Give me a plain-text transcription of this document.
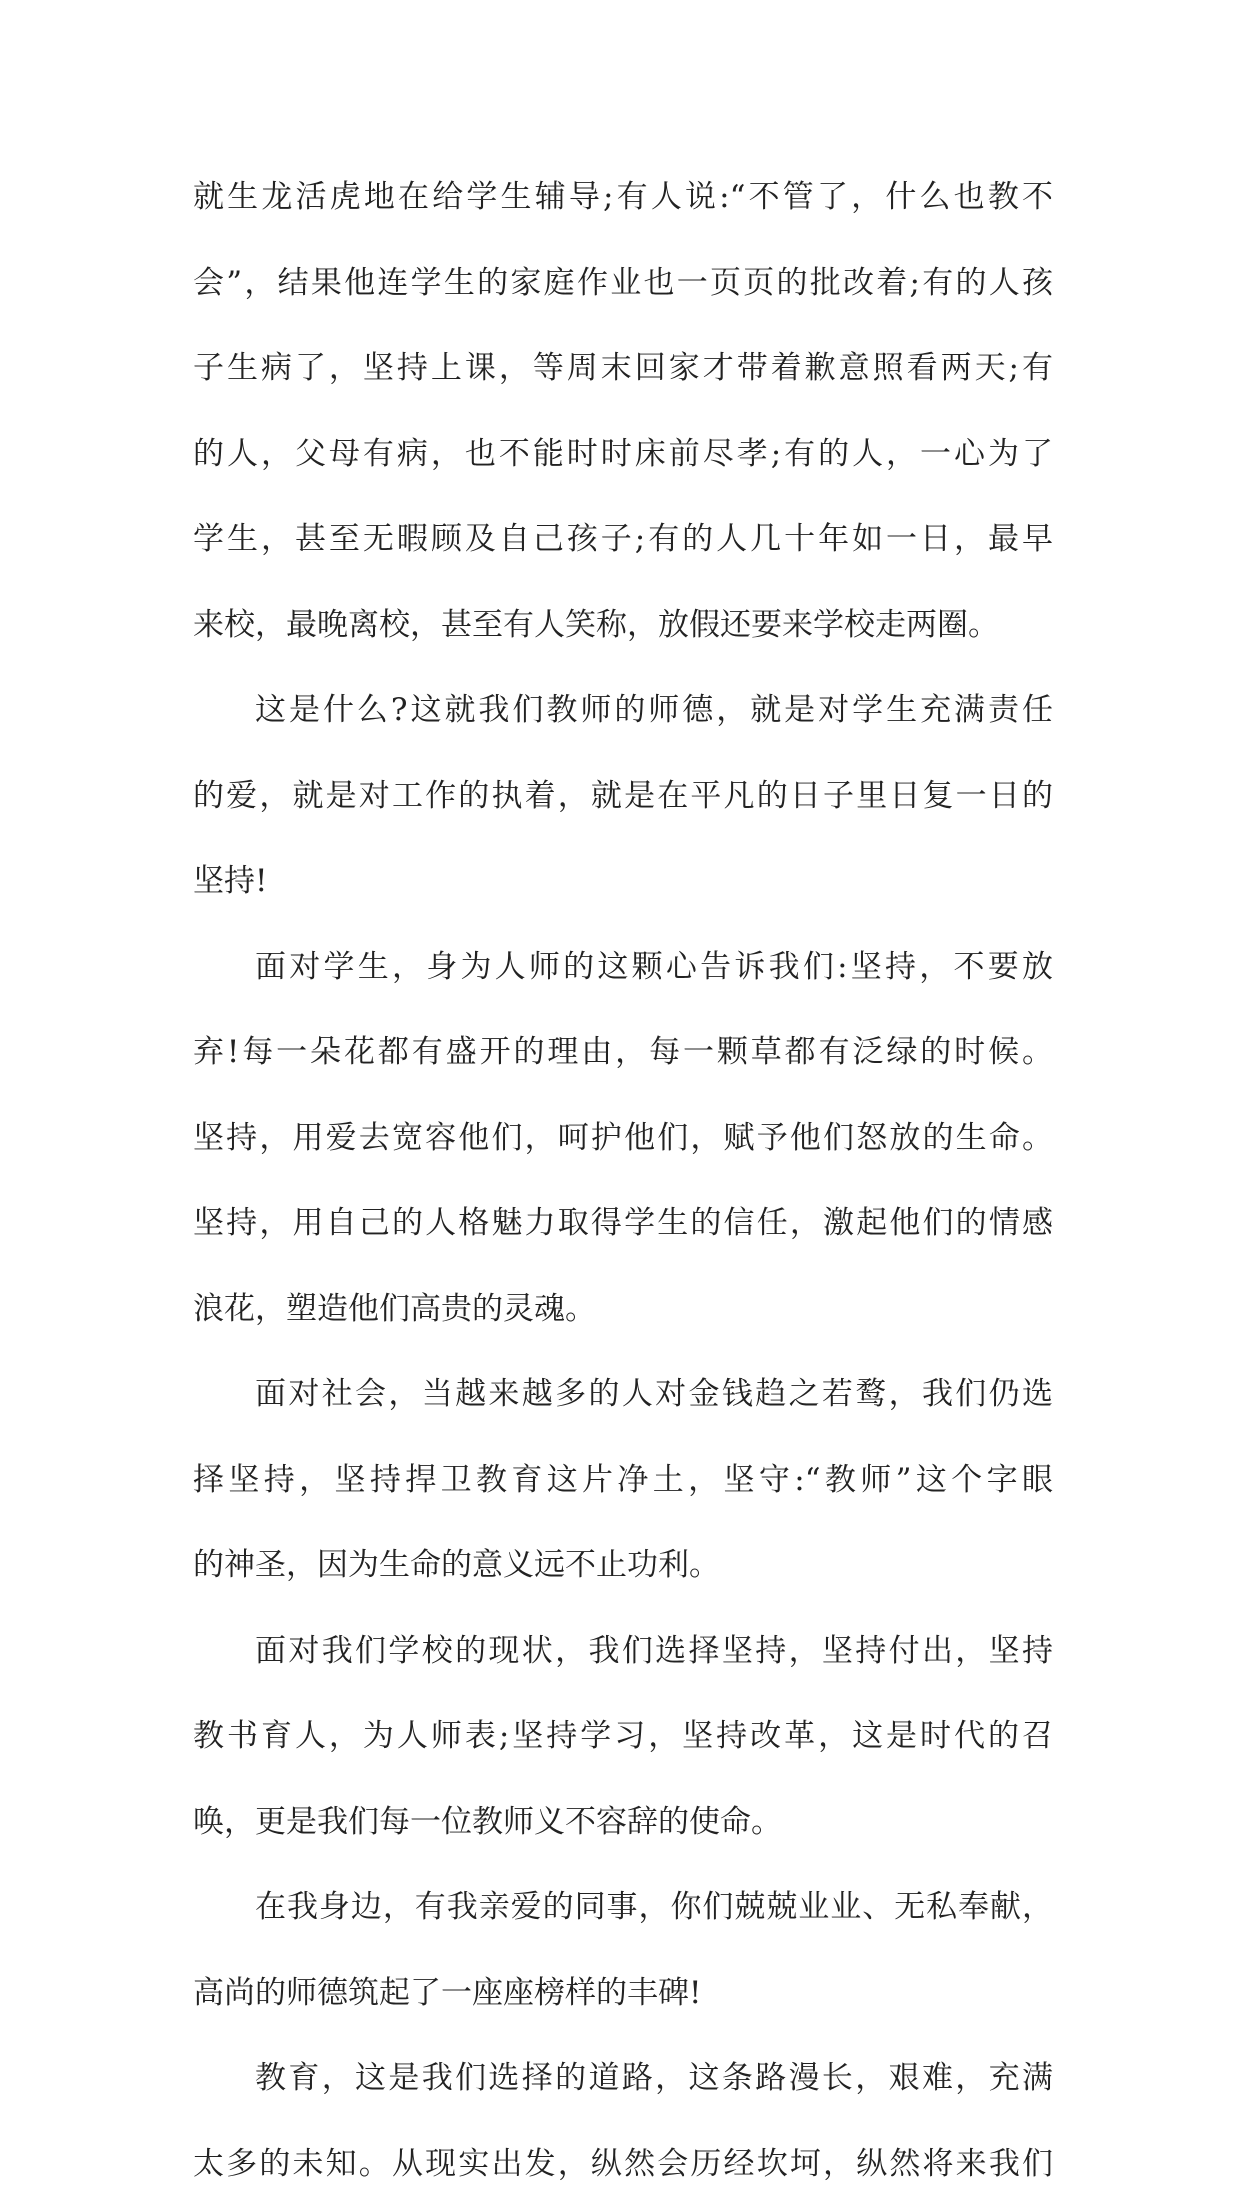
就生龙活虎地在给学生辅导;有人说:“不管了，什么也教不
会”，结果他连学生的家庭作业也一页页的批改着;有的人孩
子生病了，坚持上课，等周末回家才带着歉意照看两天;有
的人，父母有病，也不能时时床前尽孝;有的人，一心为了
学生，甚至无暇顾及自己孩子;有的人几十年如一日，最早
来校，最晚离校，甚至有人笑称，放假还要来学校走两圈。
这是什么?这就我们教师的师德，就是对学生充满责任
的爱，就是对工作的执着，就是在平凡的日子里日复一日的
坚持!
面对学生，身为人师的这颗心告诉我们:坚持，不要放
弃!每一朵花都有盛开的理由，每一颗草都有泛绿的时候。
坚持，用爱去宽容他们，呵护他们，赋予他们怒放的生命。
坚持，用自己的人格魅力取得学生的信任，激起他们的情感
浪花，塑造他们高贵的灵魂。
面对社会，当越来越多的人对金钱趋之若鹜，我们仍选
择坚持，坚持捍卫教育这片净土，坚守:“教师”这个字眼
的神圣，因为生命的意义远不止功利。
面对我们学校的现状，我们选择坚持，坚持付出，坚持
教书育人，为人师表;坚持学习，坚持改革，这是时代的召
唤，更是我们每一位教师义不容辞的使命。
在我身边，有我亲爱的同事，你们兢兢业业、无私奉献，
高尚的师德筑起了一座座榜样的丰碑!
教育，这是我们选择的道路，这条路漫长，艰难，充满
太多的未知。从现实出发，纵然会历经坎坷，纵然将来我们
